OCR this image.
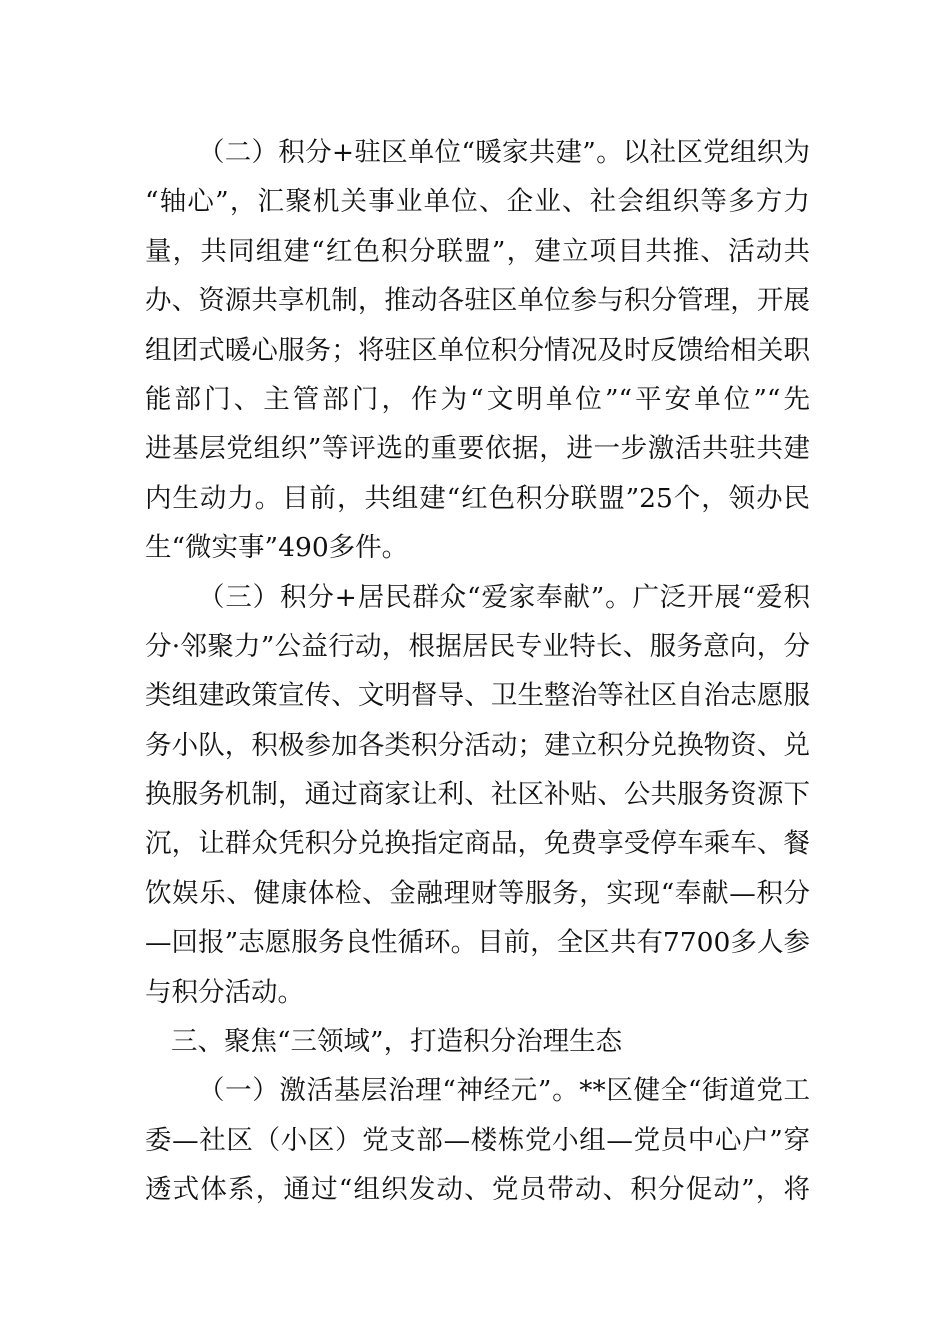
（二）积分+驻区单位“暖家共建”。以社区党组织为
“轴心”，汇聚机关事业单位、企业、社会组织等多方力
量，共同组建“红色积分联盟”，建立项目共推、活动共
办、资源共享机制，推动各驻区单位参与积分管理，开展
组团式暖心服务；将驻区单位积分情况及时反馈给相关职
能部门、主管部门，作为“文明单位”“平安单位”“先
进基层党组织”等评选的重要依据，进一步激活共驻共建
内生动力。目前，共组建“红色积分联盟”25个，领办民
生“微实事”490多件。
（三）积分+居民群众“爱家奉献”。广泛开展“爱积
分·邻聚力”公益行动，根据居民专业特长、服务意向，分
类组建政策宣传、文明督导、卫生整治等社区自治志愿服
务小队，积极参加各类积分活动；建立积分兑换物资、兑
换服务机制，通过商家让利、社区补贴、公共服务资源下
沉，让群众凭积分兑换指定商品，免费享受停车乘车、餐
饮娱乐、健康体检、金融理财等服务，实现“奉献—积分
—回报”志愿服务良性循环。目前，全区共有7700多人参
与积分活动。
三、聚焦“三领域”，打造积分治理生态
（一）激活基层治理“神经元”。**区健全“街道党工
委—社区（小区）党支部—楼栋党小组—党员中心户”穿
透式体系，通过“组织发动、党员带动、积分促动”，将
